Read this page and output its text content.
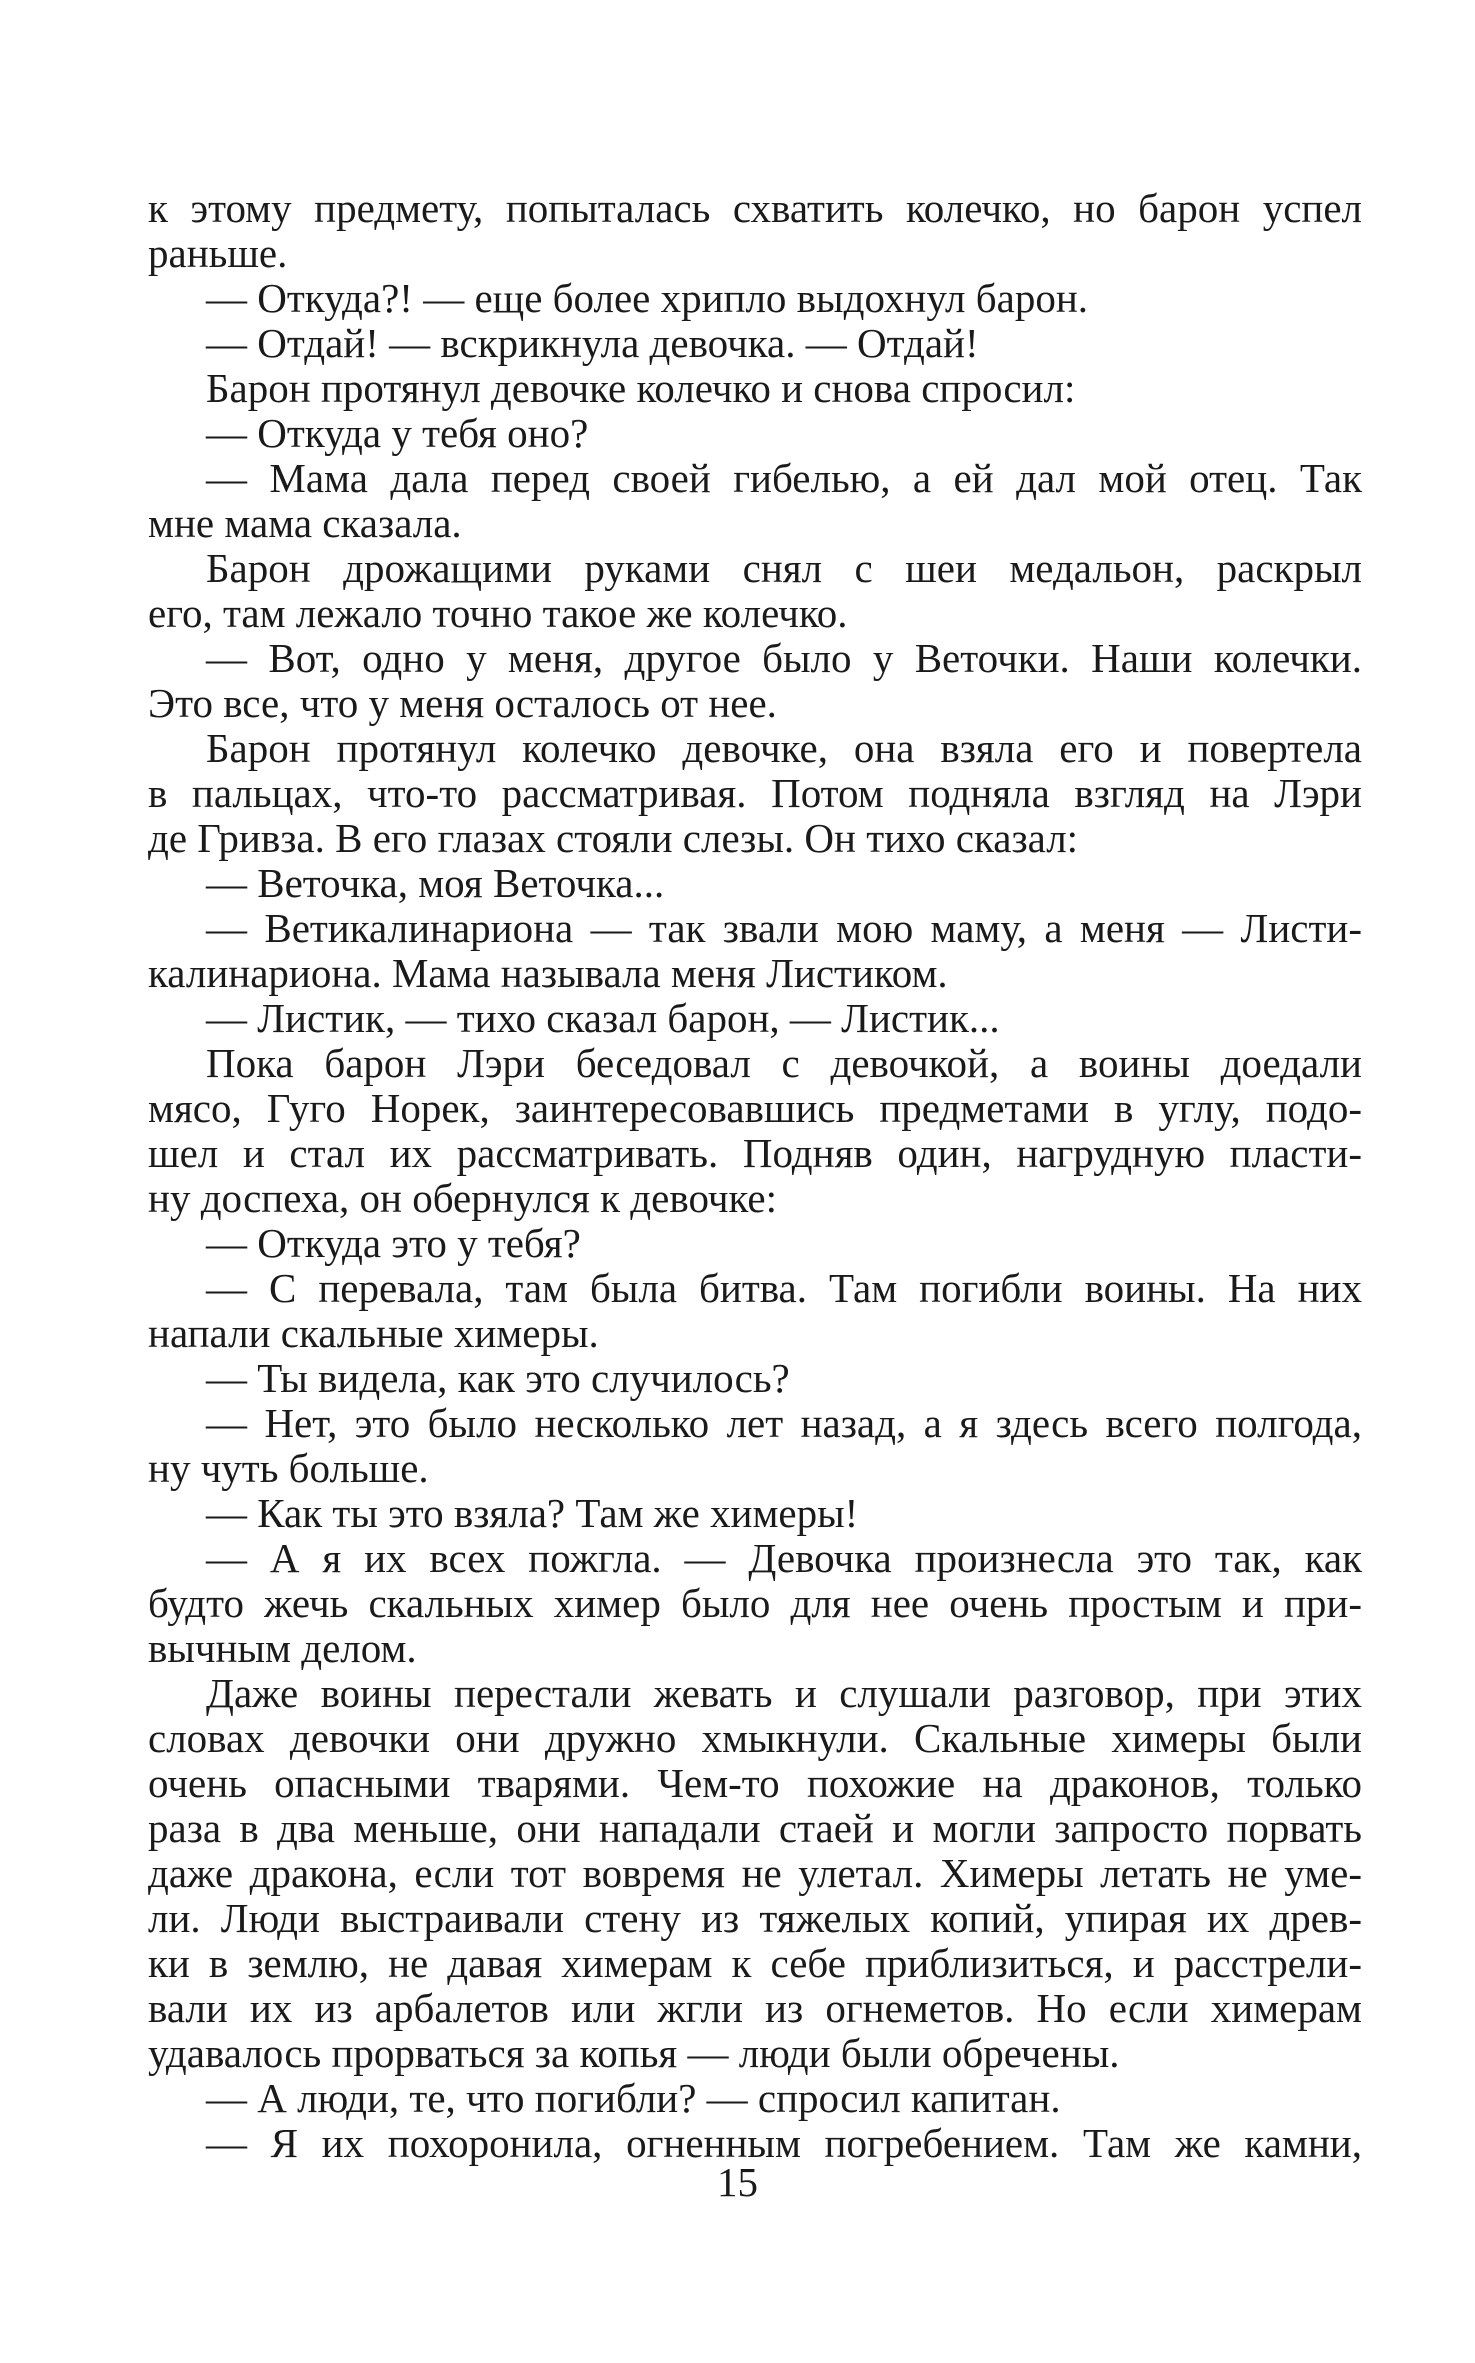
к этому предмету, попыталась схватить колечко, но барон успел
раньше.
— Откуда?! — еще более хрипло выдохнул барон.
— Отдай! — вскрикнула девочка. — Отдай!
Барон протянул девочке колечко и снова спросил:
— Откуда у тебя оно?
— Мама дала перед своей гибелью, а ей дал мой отец. Так
мне мама сказала.
Барон дрожащими руками снял с шеи медальон, раскрыл
его, там лежало точно такое же колечко.
— Вот, одно у меня, другое было у Веточки. Наши колечки.
Это все, что у меня осталось от нее.
Барон протянул колечко девочке, она взяла его и повертела
в пальцах, что-то рассматривая. Потом подняла взгляд на Лэри
де Гривза. В его глазах стояли слезы. Он тихо сказал:
— Веточка, моя Веточка...
— Ветикалинариона — так звали мою маму, а меня — Листи-
калинариона. Мама называла меня Листиком.
— Листик, — тихо сказал барон, — Листик...
Пока барон Лэри беседовал с девочкой, а воины доедали
мясо, Гуго Норек, заинтересовавшись предметами в углу, подо-
шел и стал их рассматривать. Подняв один, нагрудную пласти-
ну доспеха, он обернулся к девочке:
— Откуда это у тебя?
— С перевала, там была битва. Там погибли воины. На них
напали скальные химеры.
— Ты видела, как это случилось?
— Нет, это было несколько лет назад, а я здесь всего полгода,
ну чуть больше.
— Как ты это взяла? Там же химеры!
— А я их всех пожгла. — Девочка произнесла это так, как
будто жечь скальных химер было для нее очень простым и при-
вычным делом.
Даже воины перестали жевать и слушали разговор, при этих
словах девочки они дружно хмыкнули. Скальные химеры были
очень опасными тварями. Чем-то похожие на драконов, только
раза в два меньше, они нападали стаей и могли запросто порвать
даже дракона, если тот вовремя не улетал. Химеры летать не уме-
ли. Люди выстраивали стену из тяжелых копий, упирая их древ-
ки в землю, не давая химерам к себе приблизиться, и расстрели-
вали их из арбалетов или жгли из огнеметов. Но если химерам
удавалось прорваться за копья — люди были обречены.
— А люди, те, что погибли? — спросил капитан.
— Я их похоронила, огненным погребением. Там же камни,
15
